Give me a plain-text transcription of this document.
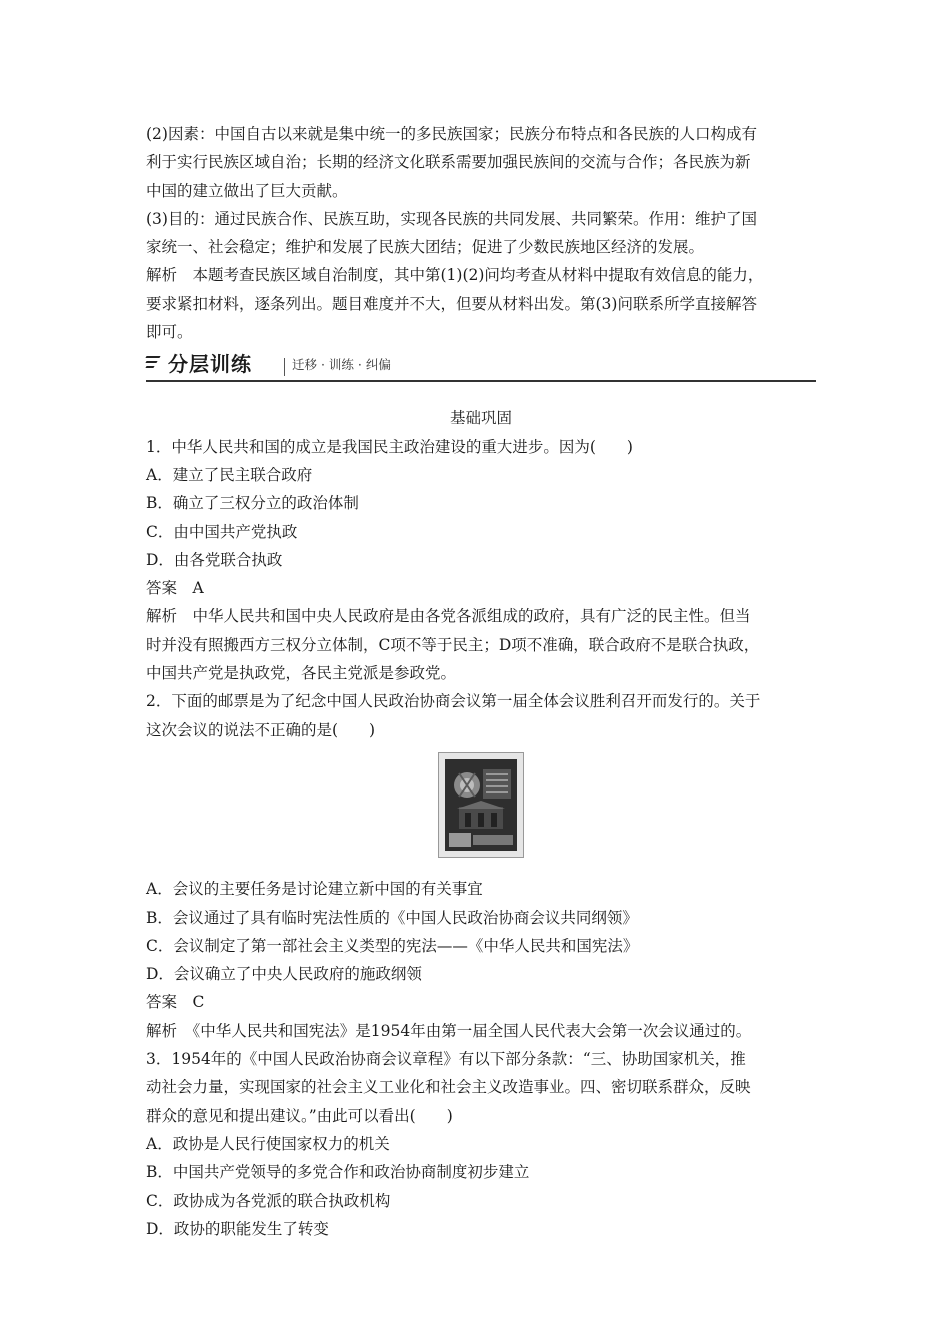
(2)因素：中国自古以来就是集中统一的多民族国家；民族分布特点和各民族的人口构成有
利于实行民族区域自治；长期的经济文化联系需要加强民族间的交流与合作；各民族为新
中国的建立做出了巨大贡献。
(3)目的：通过民族合作、民族互助，实现各民族的共同发展、共同繁荣。作用：维护了国
家统一、社会稳定；维护和发展了民族大团结；促进了少数民族地区经济的发展。
解析　本题考查民族区域自治制度，其中第(1)(2)问均考查从材料中提取有效信息的能力，
要求紧扣材料，逐条列出。题目难度并不大，但要从材料出发。第(3)问联系所学直接解答
即可。
分层训练	迁移 · 训练 · 纠偏
基础巩固
1．中华人民共和国的成立是我国民主政治建设的重大进步。因为(　　)
A．建立了民主联合政府
B．确立了三权分立的政治体制
C．由中国共产党执政
D．由各党联合执政
答案　A
解析　中华人民共和国中央人民政府是由各党各派组成的政府，具有广泛的民主性。但当
时并没有照搬西方三权分立体制，C项不等于民主；D项不准确，联合政府不是联合执政，
中国共产党是执政党，各民主党派是参政党。
2．下面的邮票是为了纪念中国人民政治协商会议第一届全体会议胜利召开而发行的。关于
这次会议的说法不正确的是(　　)
A．会议的主要任务是讨论建立新中国的有关事宜
B．会议通过了具有临时宪法性质的《中国人民政治协商会议共同纲领》
C．会议制定了第一部社会主义类型的宪法——《中华人民共和国宪法》
D．会议确立了中央人民政府的施政纲领
答案　C
解析　《中华人民共和国宪法》是1954年由第一届全国人民代表大会第一次会议通过的。
3．1954年的《中国人民政治协商会议章程》有以下部分条款：“三、协助国家机关，推
动社会力量，实现国家的社会主义工业化和社会主义改造事业。四、密切联系群众，反映
群众的意见和提出建议。”由此可以看出(　　)
A．政协是人民行使国家权力的机关
B．中国共产党领导的多党合作和政治协商制度初步建立
C．政协成为各党派的联合执政机构
D．政协的职能发生了转变
